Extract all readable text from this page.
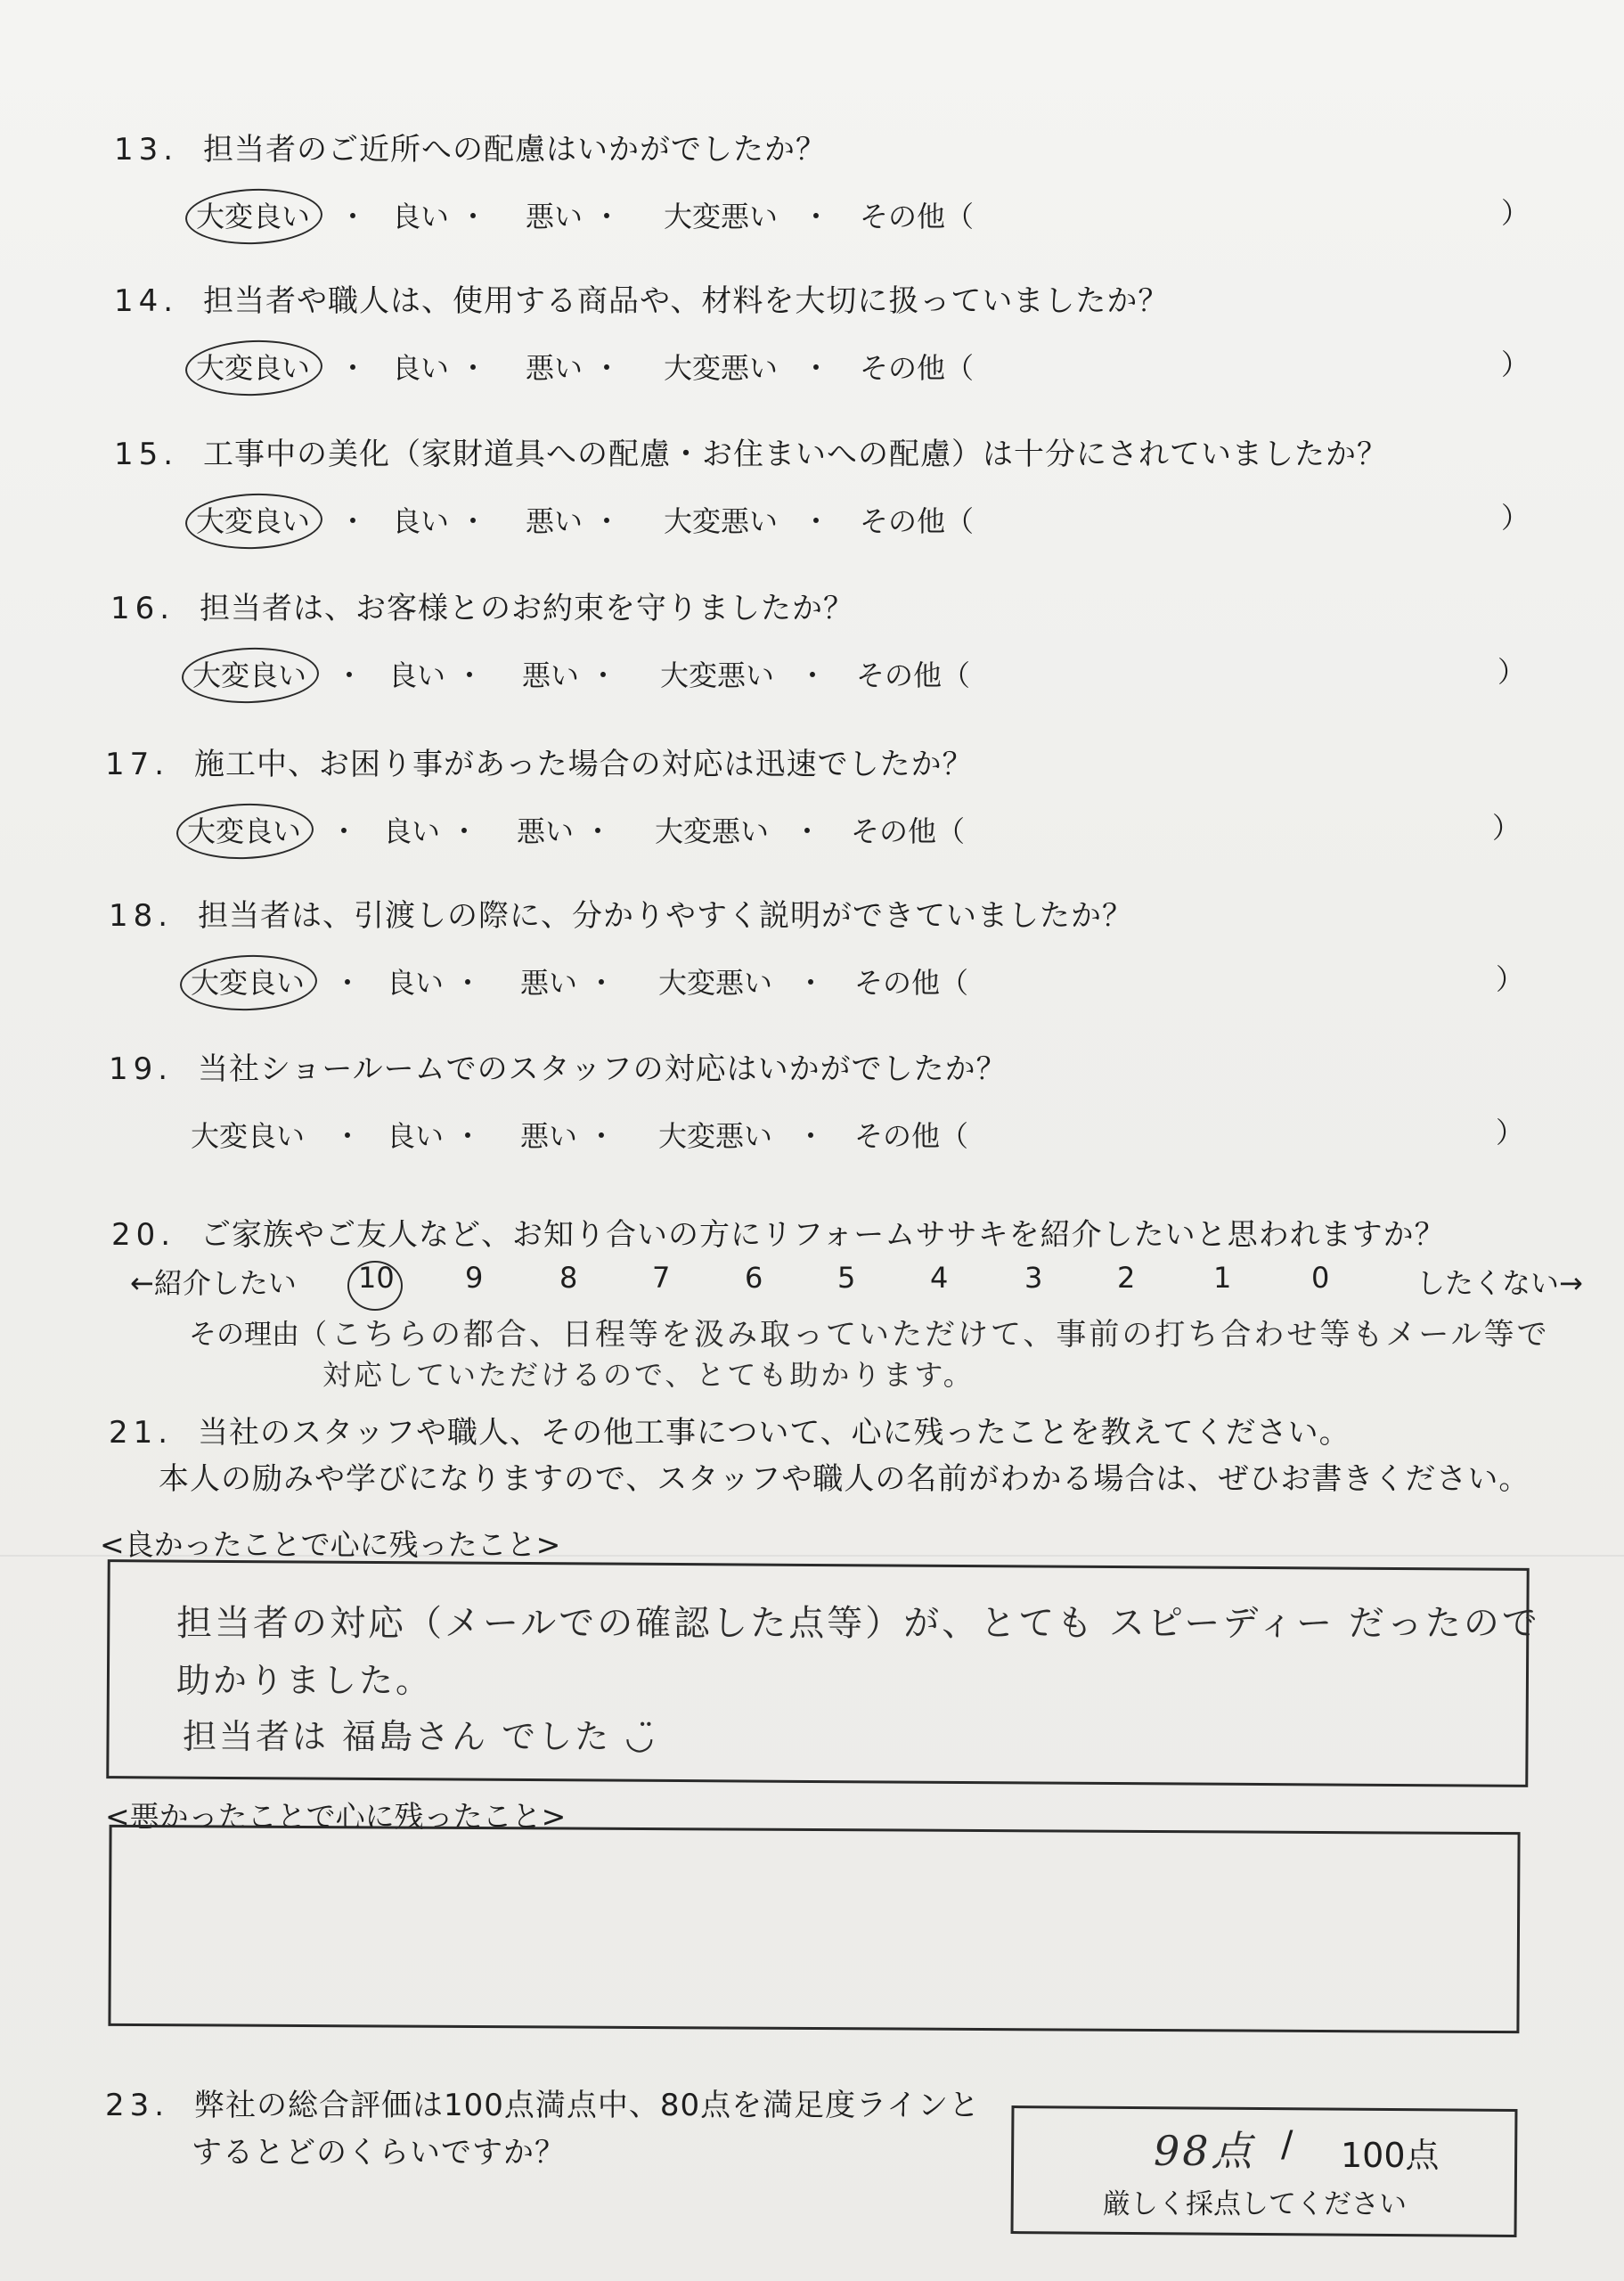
13. 担当者のご近所への配慮はいかがでしたか？
大変良い ・ 良い ・ 悪い ・ 大変悪い ・ その他（	）
14. 担当者や職人は、使用する商品や、材料を大切に扱っていましたか？
大変良い ・ 良い ・ 悪い ・ 大変悪い ・ その他（	）
15. 工事中の美化（家財道具への配慮・お住まいへの配慮）は十分にされていましたか？
大変良い ・ 良い ・ 悪い ・ 大変悪い ・ その他（	）
16. 担当者は、お客様とのお約束を守りましたか？
大変良い ・ 良い ・ 悪い ・ 大変悪い ・ その他（	）
17. 施工中、お困り事があった場合の対応は迅速でしたか？
大変良い ・ 良い ・ 悪い ・ 大変悪い ・ その他（	）
18. 担当者は、引渡しの際に、分かりやすく説明ができていましたか？
大変良い ・ 良い ・ 悪い ・ 大変悪い ・ その他（	）
19. 当社ショールームでのスタッフの対応はいかがでしたか？
大変良い ・ 良い ・ 悪い ・ 大変悪い ・ その他（	）
20. ご家族やご友人など、お知り合いの方にリフォームササキを紹介したいと思われますか？
←紹介したい	したくない→
10 9	8	7	6	5	4	3	2	1	0
その理由（ こちらの都合、日程等を汲み取っていただけて、事前の打ち合わせ等もメール等で
対応していただけるので、とても助かります。
21. 当社のスタッフや職人、その他工事について、心に残ったことを教えてください。
本人の励みや学びになりますので、スタッフや職人の名前がわかる場合は、ぜひお書きください。
<良かったことで心に残ったこと>
担当者の対応（メールでの確認した点等）が、とても スピーディー だったので
助かりました。
担当者は 福島さん でした ◡̈
<悪かったことで心に残ったこと>
23. 弊社の総合評価は100点満点中、80点を満足度ラインと
するとどのくらいですか？	98点 / 100点
厳しく採点してください
